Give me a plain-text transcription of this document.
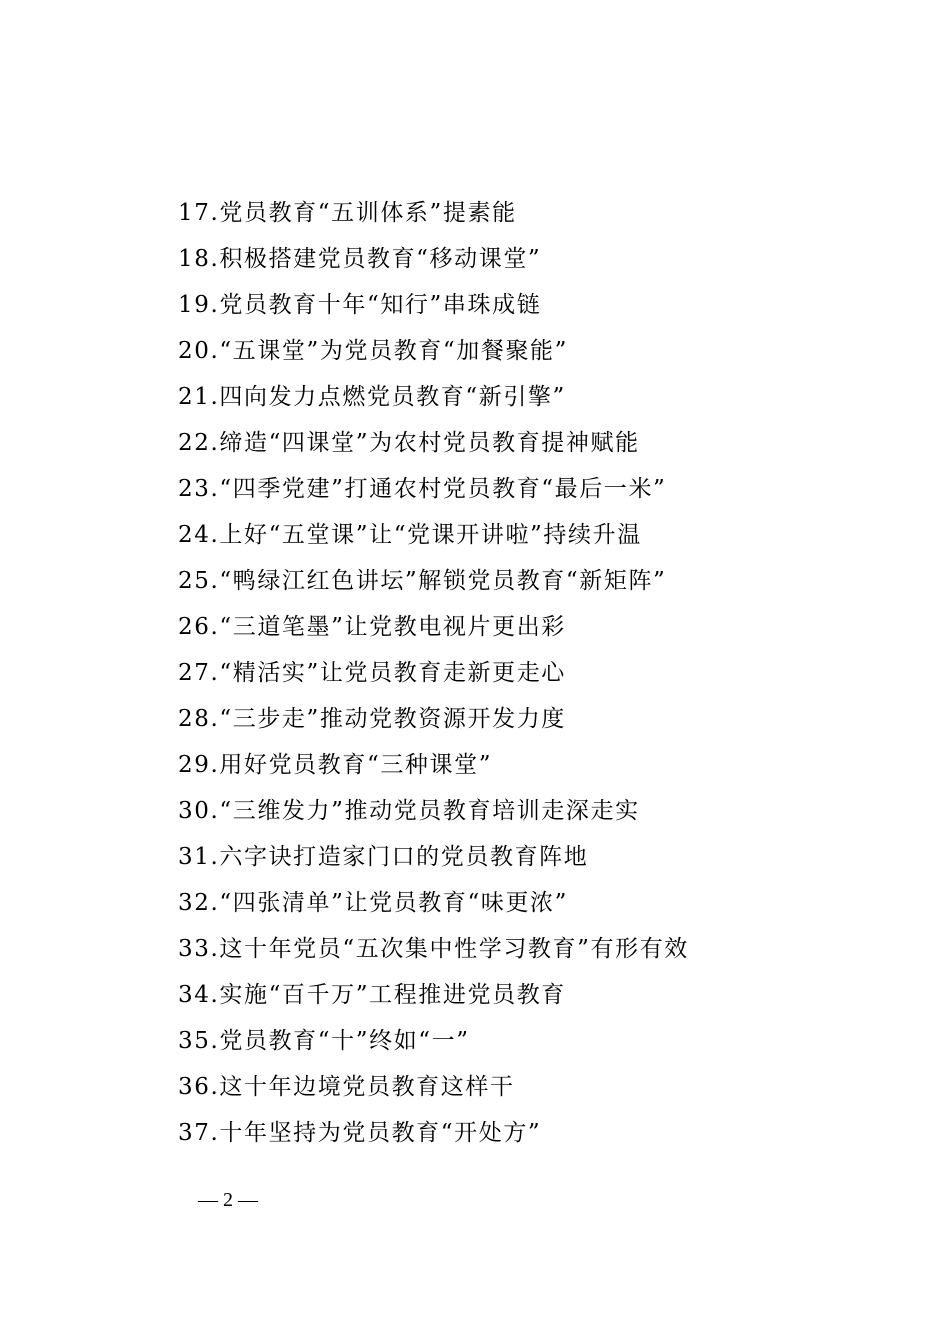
17.党员教育“五训体系”提素能
18.积极搭建党员教育“移动课堂”
19.党员教育十年“知行”串珠成链
20.“五课堂”为党员教育“加餐聚能”
21.四向发力点燃党员教育“新引擎”
22.缔造“四课堂”为农村党员教育提神赋能
23.“四季党建”打通农村党员教育“最后一米”
24.上好“五堂课”让“党课开讲啦”持续升温
25.“鸭绿江红色讲坛”解锁党员教育“新矩阵”
26.“三道笔墨”让党教电视片更出彩
27.“精活实”让党员教育走新更走心
28.“三步走”推动党教资源开发力度
29.用好党员教育“三种课堂”
30.“三维发力”推动党员教育培训走深走实
31.六字诀打造家门口的党员教育阵地
32.“四张清单”让党员教育“味更浓”
33.这十年党员“五次集中性学习教育”有形有效
34.实施“百千万”工程推进党员教育
35.党员教育“十”终如“一”
36.这十年边境党员教育这样干
37.十年坚持为党员教育“开处方”
— 2 —
